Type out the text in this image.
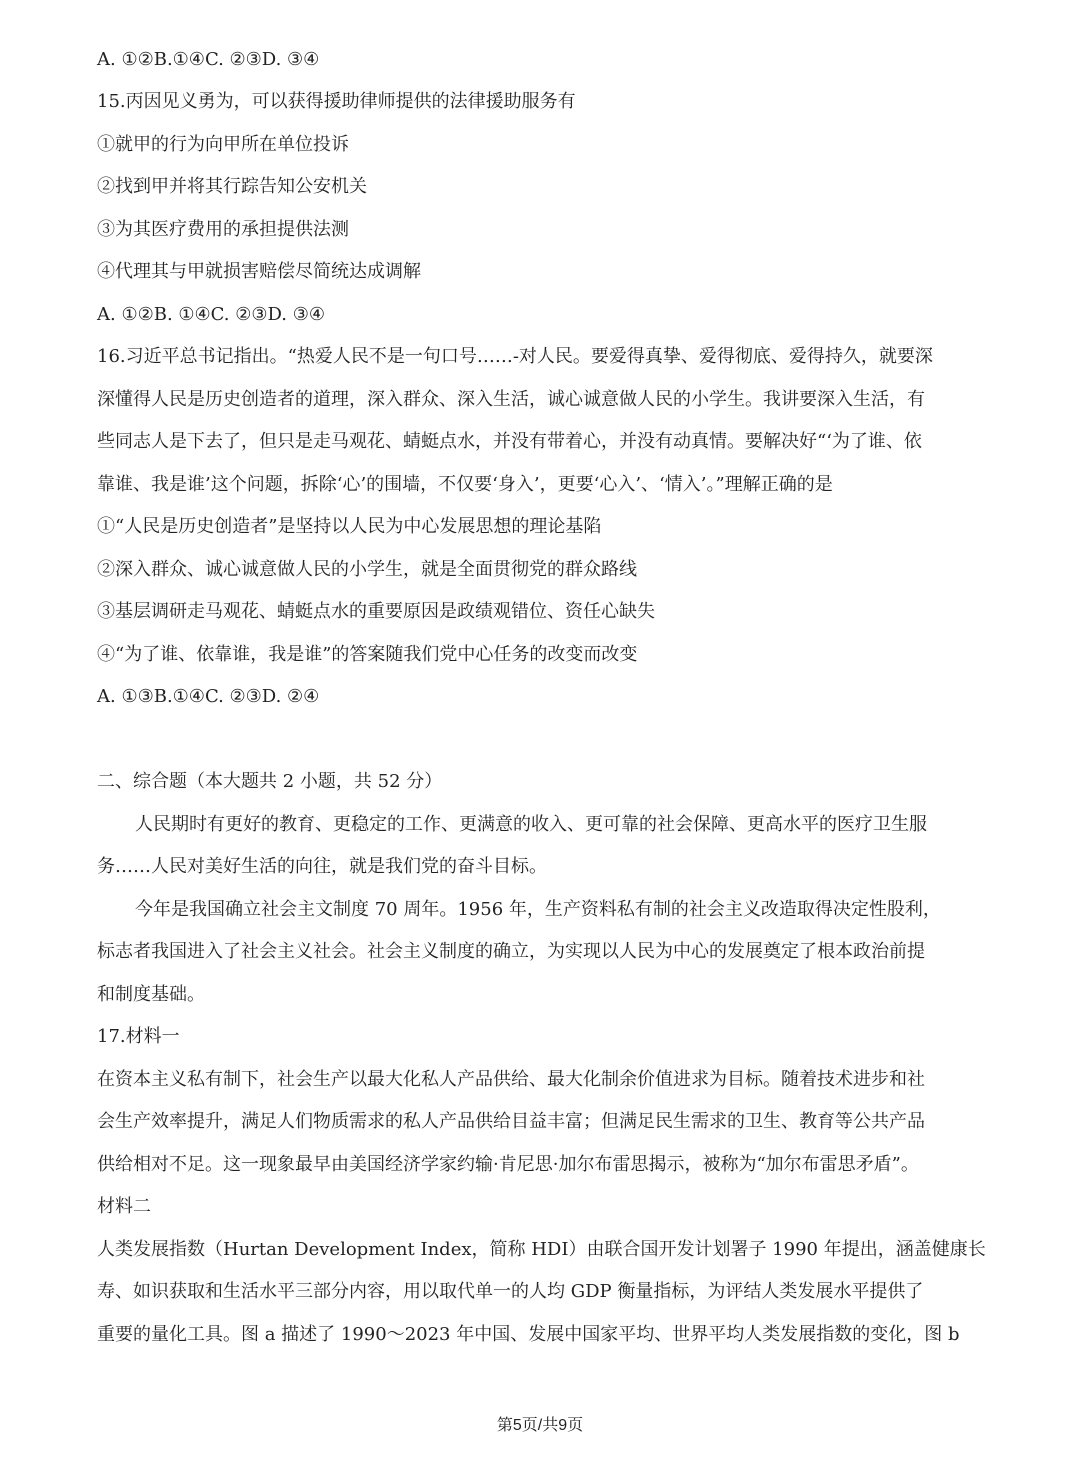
A. ①②B.①④C. ②③D. ③④
15.丙因见义勇为，可以获得援助律师提供的法律援助服务有
①就甲的行为向甲所在单位投诉
②找到甲并将其行踪告知公安机关
③为其医疗费用的承担提供法测
④代理其与甲就损害赔偿尽简统达成调解
A. ①②B. ①④C. ②③D. ③④
16.习近平总书记指出。“热爱人民不是一句口号……-对人民。要爱得真挚、爱得彻底、爱得持久，就要深
深懂得人民是历史创造者的道理，深入群众、深入生活，诚心诚意做人民的小学生。我讲要深入生活，有
些同志人是下去了，但只是走马观花、蜻蜓点水，并没有带着心，并没有动真情。要解决好“‘为了谁、依
靠谁、我是谁’这个问题，拆除‘心’的围墙，不仅要‘身入’，更要‘心入’、‘情入’。”理解正确的是
①“人民是历史创造者”是坚持以人民为中心发展思想的理论基陷
②深入群众、诚心诚意做人民的小学生，就是全面贯彻党的群众路线
③基层调研走马观花、蜻蜓点水的重要原因是政绩观错位、资任心缺失
④“为了谁、依靠谁，我是谁”的答案随我们党中心任务的改变而改变
A. ①③B.①④C. ②③D. ②④
二、综合题（本大题共 2 小题，共 52 分）
人民期时有更好的教育、更稳定的工作、更满意的收入、更可靠的社会保障、更高水平的医疗卫生服
务……人民对美好生活的向往，就是我们党的奋斗目标。
今年是我国确立社会主文制度 70 周年。1956 年，生产资料私有制的社会主义改造取得决定性股利，
标志者我国进入了社会主义社会。社会主义制度的确立，为实现以人民为中心的发展奠定了根本政治前提
和制度基础。
17.材料一
在资本主义私有制下，社会生产以最大化私人产品供给、最大化制余价值进求为目标。随着技术进步和社
会生产效率提升，满足人们物质需求的私人产品供给目益丰富；但满足民生需求的卫生、教育等公共产品
供给相对不足。这一现象最早由美国经济学家约输·肯尼思·加尔布雷思揭示，被称为“加尔布雷思矛盾”。
材料二
人类发展指数（Hurtan Development Index，简称 HDI）由联合国开发计划署子 1990 年提出，涵盖健康长
寿、如识获取和生活水平三部分内容，用以取代单一的人均 GDP 衡量指标，为评结人类发展水平提供了
重要的量化工具。图 a 描述了 1990～2023 年中国、发展中国家平均、世界平均人类发展指数的变化，图 b
第5页/共9页
